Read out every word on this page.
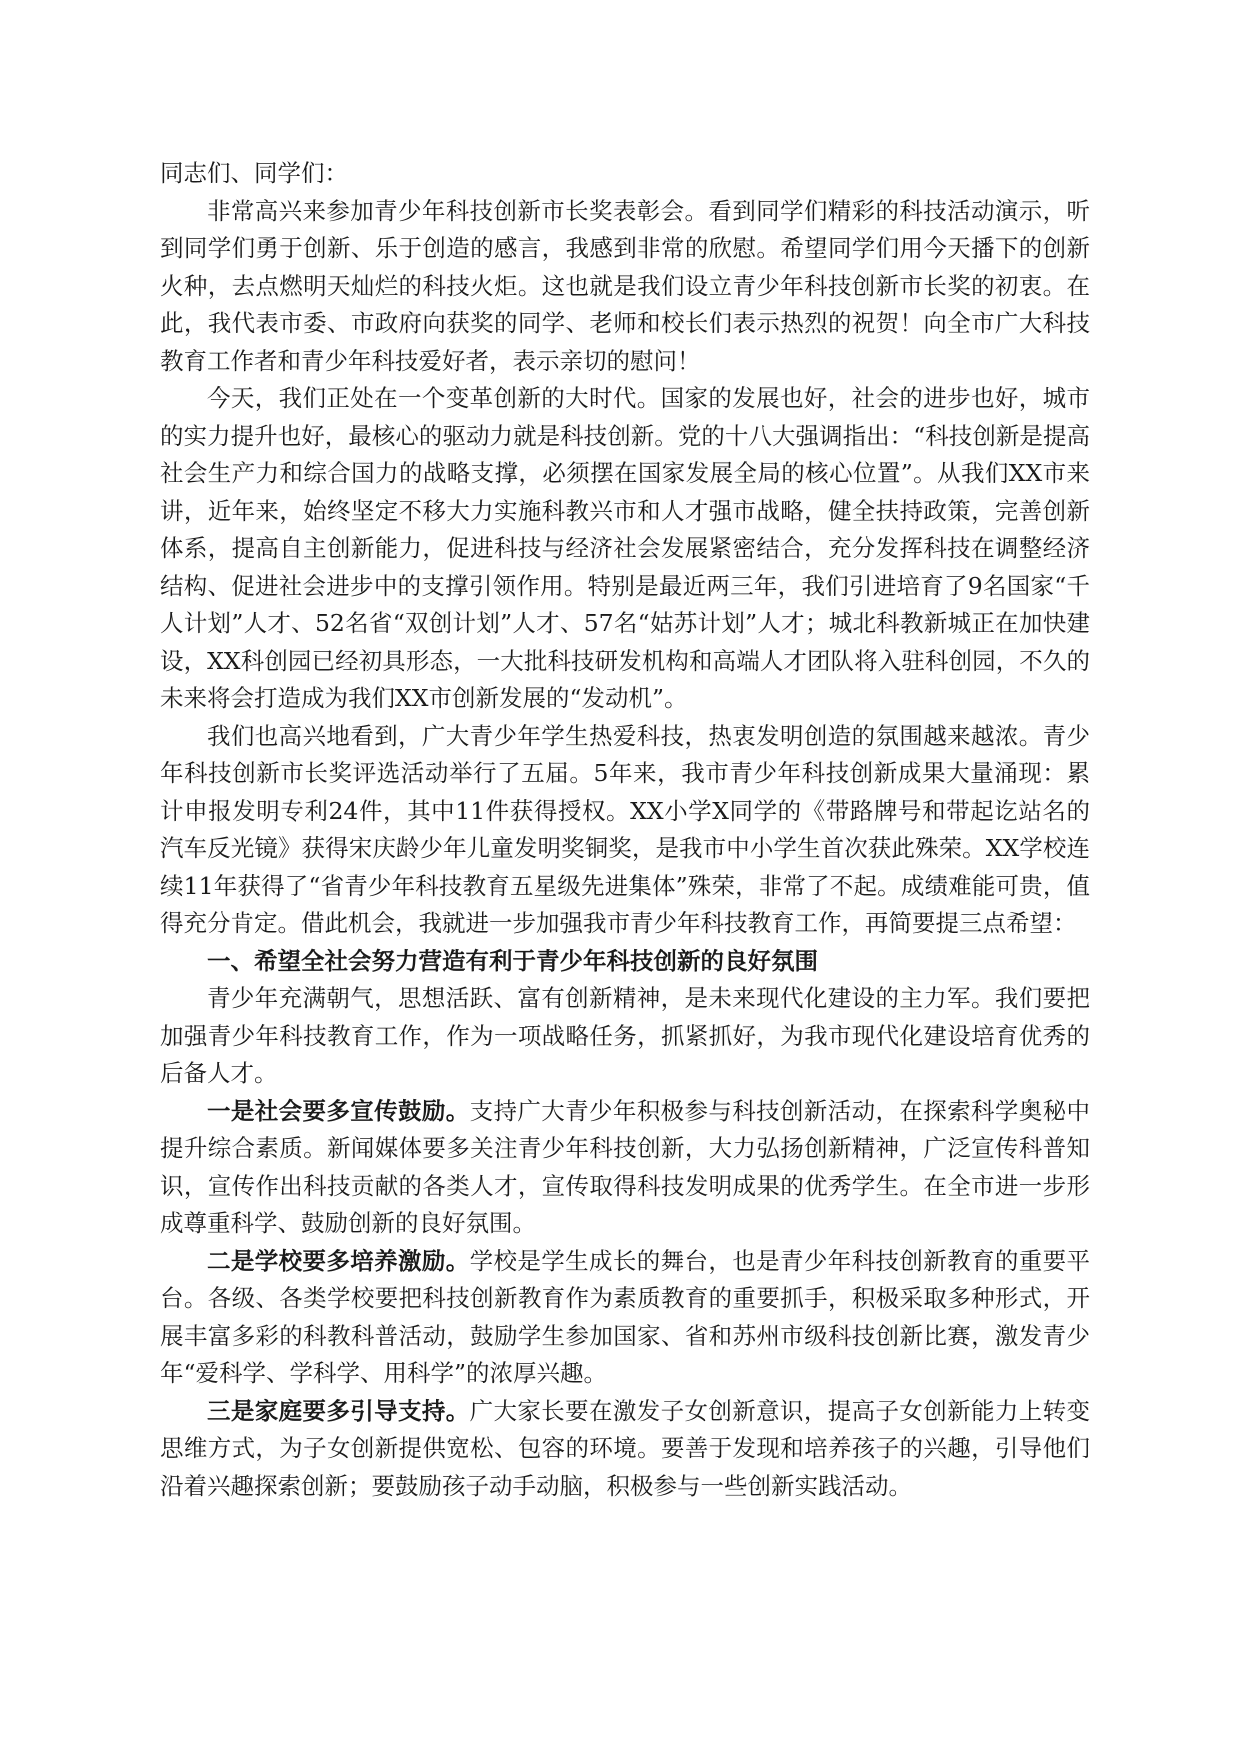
同志们、同学们：

非常高兴来参加青少年科技创新市长奖表彰会。看到同学们精彩的科技活动演示，听到同学们勇于创新、乐于创造的感言，我感到非常的欣慰。希望同学们用今天播下的创新火种，去点燃明天灿烂的科技火炬。这也就是我们设立青少年科技创新市长奖的初衷。在此，我代表市委、市政府向获奖的同学、老师和校长们表示热烈的祝贺！向全市广大科技教育工作者和青少年科技爱好者，表示亲切的慰问！

今天，我们正处在一个变革创新的大时代。国家的发展也好，社会的进步也好，城市的实力提升也好，最核心的驱动力就是科技创新。党的十八大强调指出：“科技创新是提高社会生产力和综合国力的战略支撑，必须摆在国家发展全局的核心位置”。从我们XX市来讲，近年来，始终坚定不移大力实施科教兴市和人才强市战略，健全扶持政策，完善创新体系，提高自主创新能力，促进科技与经济社会发展紧密结合，充分发挥科技在调整经济结构、促进社会进步中的支撑引领作用。特别是最近两三年，我们引进培育了9名国家“千人计划”人才、52名省“双创计划”人才、57名“姑苏计划”人才；城北科教新城正在加快建设，XX科创园已经初具形态，一大批科技研发机构和高端人才团队将入驻科创园，不久的未来将会打造成为我们XX市创新发展的“发动机”。

我们也高兴地看到，广大青少年学生热爱科技，热衷发明创造的氛围越来越浓。青少年科技创新市长奖评选活动举行了五届。5年来，我市青少年科技创新成果大量涌现：累计申报发明专利24件，其中11件获得授权。XX小学X同学的《带路牌号和带起讫站名的汽车反光镜》获得宋庆龄少年儿童发明奖铜奖，是我市中小学生首次获此殊荣。XX学校连续11年获得了“省青少年科技教育五星级先进集体”殊荣，非常了不起。成绩难能可贵，值得充分肯定。借此机会，我就进一步加强我市青少年科技教育工作，再简要提三点希望：

一、希望全社会努力营造有利于青少年科技创新的良好氛围

青少年充满朝气，思想活跃、富有创新精神，是未来现代化建设的主力军。我们要把加强青少年科技教育工作，作为一项战略任务，抓紧抓好，为我市现代化建设培育优秀的后备人才。

一是社会要多宣传鼓励。支持广大青少年积极参与科技创新活动，在探索科学奥秘中提升综合素质。新闻媒体要多关注青少年科技创新，大力弘扬创新精神，广泛宣传科普知识，宣传作出科技贡献的各类人才，宣传取得科技发明成果的优秀学生。在全市进一步形成尊重科学、鼓励创新的良好氛围。

二是学校要多培养激励。学校是学生成长的舞台，也是青少年科技创新教育的重要平台。各级、各类学校要把科技创新教育作为素质教育的重要抓手，积极采取多种形式，开展丰富多彩的科教科普活动，鼓励学生参加国家、省和苏州市级科技创新比赛，激发青少年“爱科学、学科学、用科学”的浓厚兴趣。

三是家庭要多引导支持。广大家长要在激发子女创新意识，提高子女创新能力上转变思维方式，为子女创新提供宽松、包容的环境。要善于发现和培养孩子的兴趣，引导他们沿着兴趣探索创新；要鼓励孩子动手动脑，积极参与一些创新实践活动。
